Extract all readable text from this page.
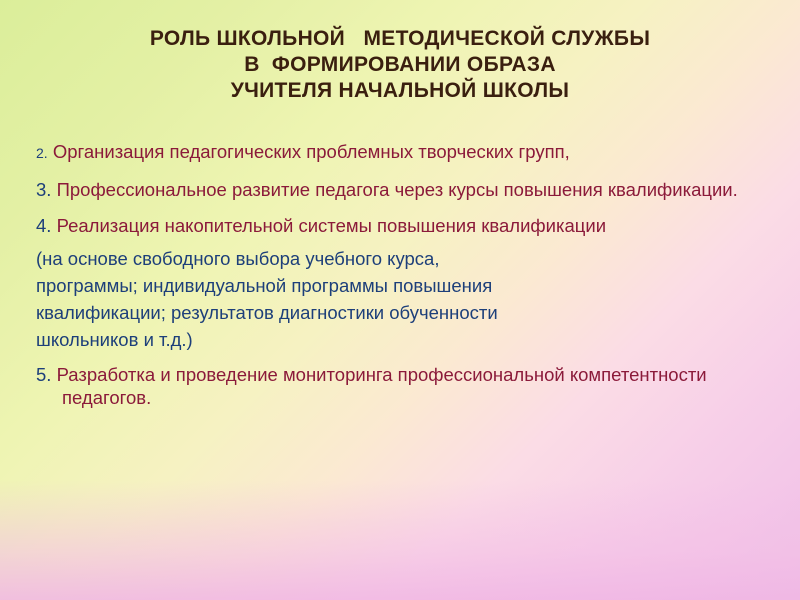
РОЛЬ ШКОЛЬНОЙ   МЕТОДИЧЕСКОЙ СЛУЖБЫ
В  ФОРМИРОВАНИИ ОБРАЗА
УЧИТЕЛЯ НАЧАЛЬНОЙ ШКОЛЫ
2. Организация педагогических проблемных творческих групп,
3. Профессиональное развитие педагога через курсы повышения квалификации.
4. Реализация накопительной системы повышения квалификации
(на основе свободного выбора учебного курса,
программы; индивидуальной программы повышения
квалификации; результатов диагностики обученности
школьников и т.д.)
5. Разработка и проведение мониторинга профессиональной компетентности педагогов.
